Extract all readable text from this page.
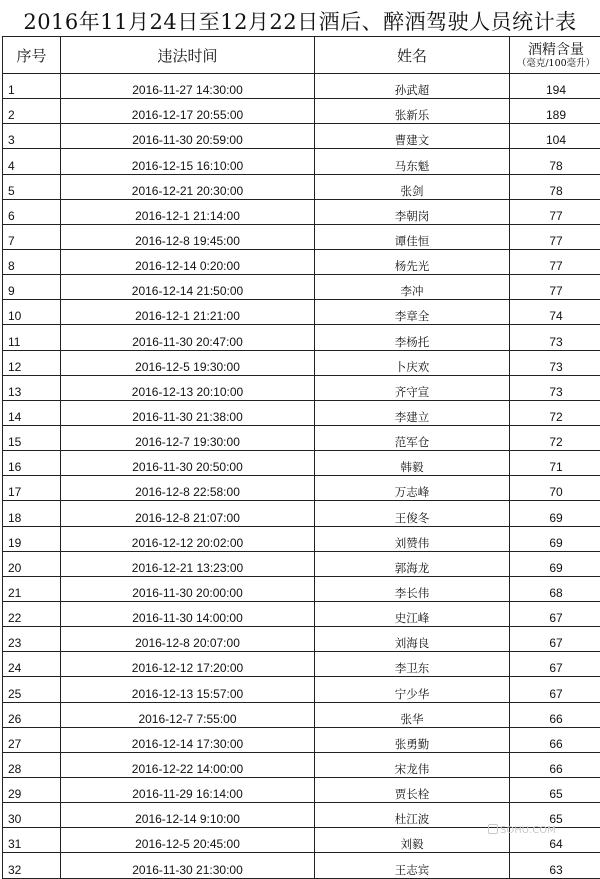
2016年11月24日至12月22日酒后、醉酒驾驶人员统计表
序号	违法时间	姓名	酒精含量
（毫克/100毫升）

1	2016-11-27 14:30:00	孙武超	194
2	2016-12-17 20:55:00	张新乐	189
3	2016-11-30 20:59:00	曹建文	104
4	2016-12-15 16:10:00	马东魁	78
5	2016-12-21 20:30:00	张剑	78
6	2016-12-1 21:14:00	李朝岗	77
7	2016-12-8 19:45:00	谭佳恒	77
8	2016-12-14 0:20:00	杨先光	77
9	2016-12-14 21:50:00	李冲	77
10	2016-12-1 21:21:00	李章全	74
11	2016-11-30 20:47:00	李杨托	73
12	2016-12-5 19:30:00	卜庆欢	73
13	2016-12-13 20:10:00	齐守宣	73
14	2016-11-30 21:38:00	李建立	72
15	2016-12-7 19:30:00	范军仓	72
16	2016-11-30 20:50:00	韩毅	71
17	2016-12-8 22:58:00	万志峰	70
18	2016-12-8 21:07:00	王俊冬	69
19	2016-12-12 20:02:00	刘赞伟	69
20	2016-12-21 13:23:00	郭海龙	69
21	2016-11-30 20:00:00	李长伟	68
22	2016-11-30 14:00:00	史江峰	67
23	2016-12-8 20:07:00	刘海良	67
24	2016-12-12 17:20:00	李卫东	67
25	2016-12-13 15:57:00	宁少华	67
26	2016-12-7 7:55:00	张华	66
27	2016-12-14 17:30:00	张勇勤	66
28	2016-12-22 14:00:00	宋龙伟	66
29	2016-11-29 16:14:00	贾长栓	65
30	2016-12-14 9:10:00	杜江波	65
31	2016-12-5 20:45:00	刘毅	64
32	2016-11-30 21:30:00	王志宾	63
SOHU.COM
